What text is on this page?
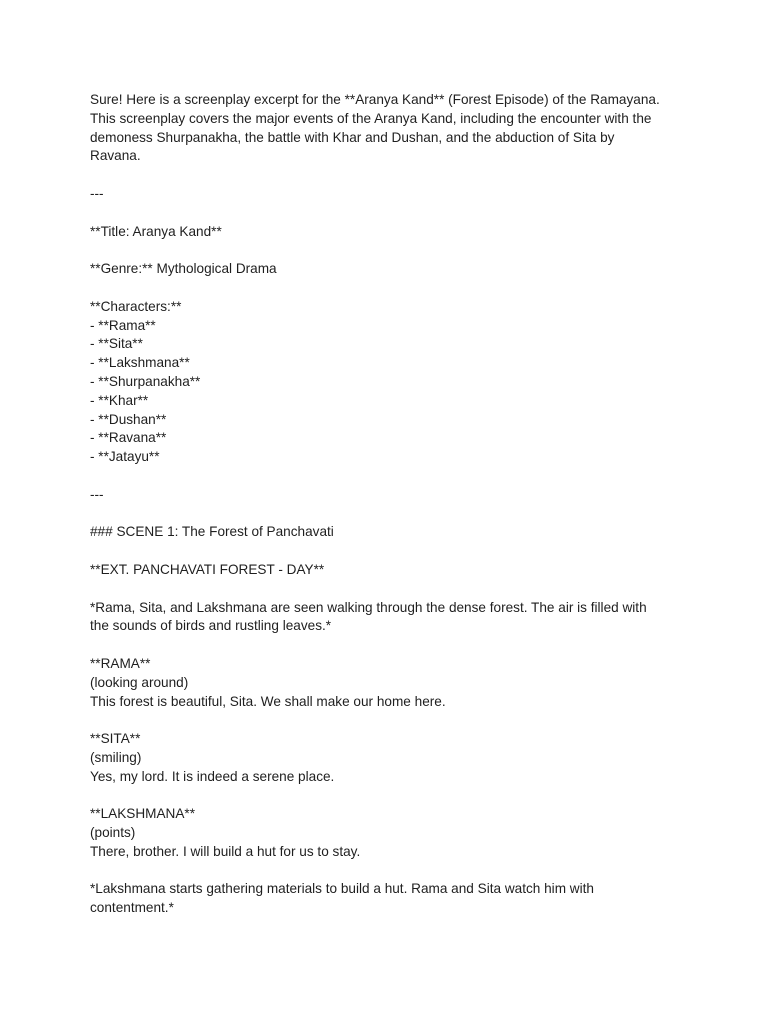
Sure! Here is a screenplay excerpt for the **Aranya Kand** (Forest Episode) of the Ramayana.
This screenplay covers the major events of the Aranya Kand, including the encounter with the
demoness Shurpanakha, the battle with Khar and Dushan, and the abduction of Sita by
Ravana.
---
**Title: Aranya Kand**
**Genre:** Mythological Drama
**Characters:**
- **Rama**
- **Sita**
- **Lakshmana**
- **Shurpanakha**
- **Khar**
- **Dushan**
- **Ravana**
- **Jatayu**
---
### SCENE 1: The Forest of Panchavati
**EXT. PANCHAVATI FOREST - DAY**
*Rama, Sita, and Lakshmana are seen walking through the dense forest. The air is filled with
the sounds of birds and rustling leaves.*
**RAMA**
(looking around)
This forest is beautiful, Sita. We shall make our home here.
**SITA**
(smiling)
Yes, my lord. It is indeed a serene place.
**LAKSHMANA**
(points)
There, brother. I will build a hut for us to stay.
*Lakshmana starts gathering materials to build a hut. Rama and Sita watch him with
contentment.*
